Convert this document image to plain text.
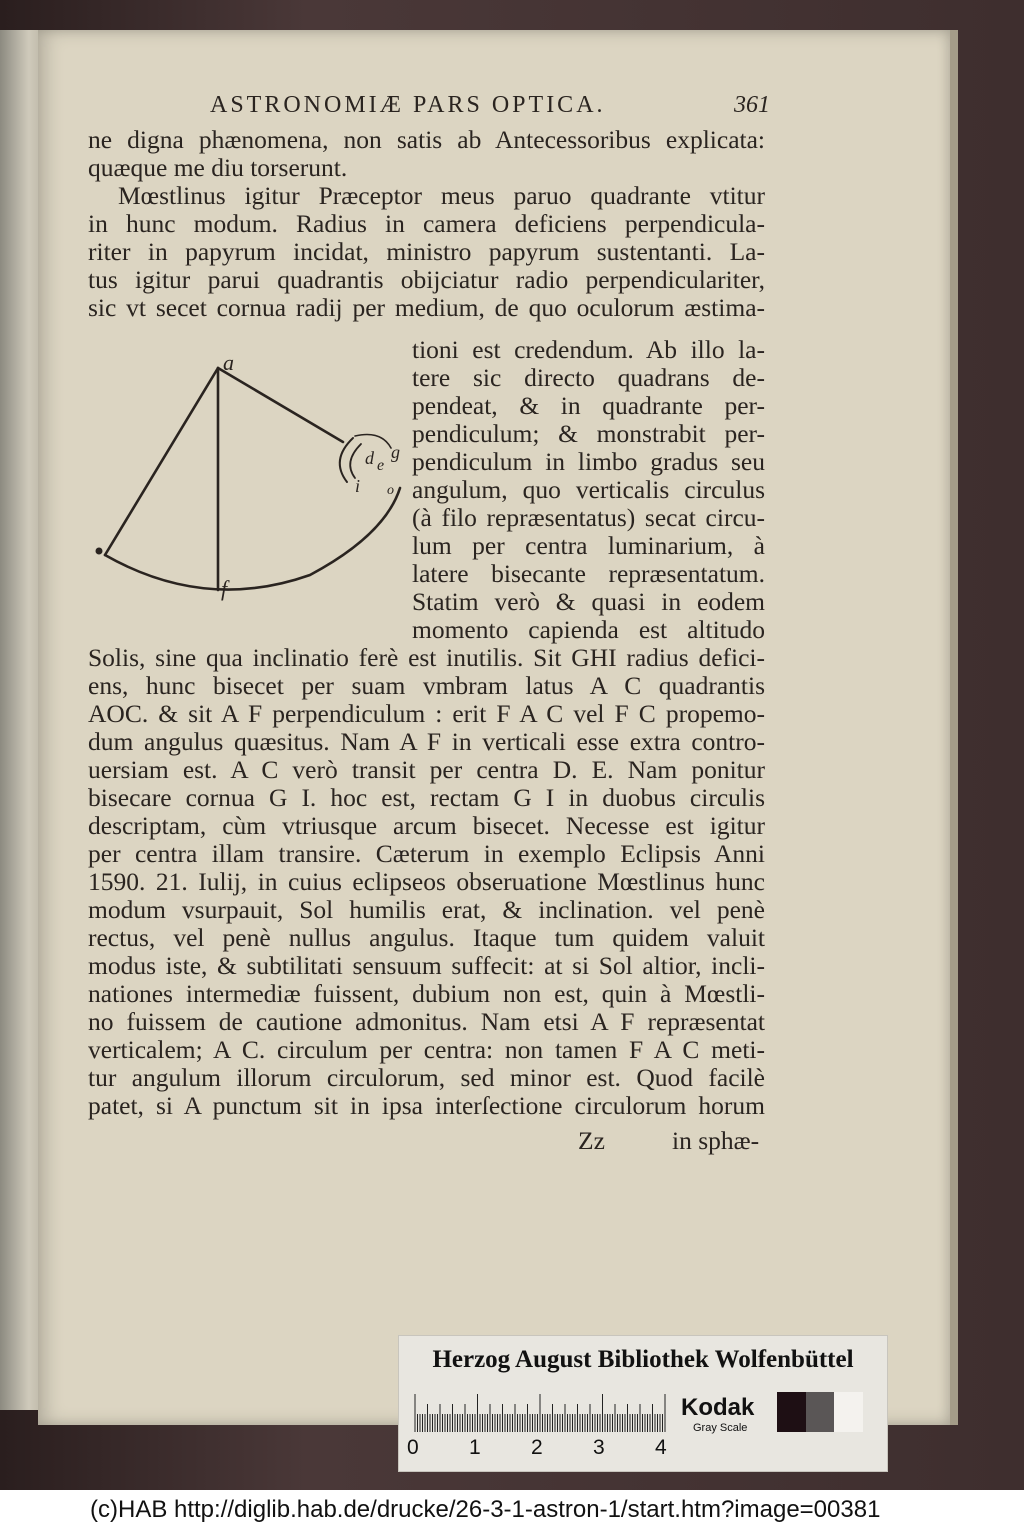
ASTRONOMIÆ PARS OPTICA.	361
ne digna phænomena, non satis ab Antecessoribus explicata:
quæque me diu torserunt.
Mœstlinus igitur Præceptor meus paruo quadrante vtitur
in hunc modum. Radius in camera deficiens perpendicula-
riter in papyrum incidat, ministro papyrum sustentanti. La-
tus igitur parui quadrantis obijciatur radio perpendiculariter,
sic vt secet cornua radij per medium, de quo oculorum æstima-
a
f
d e
g
i o
tioni est credendum. Ab illo la-
tere sic directo quadrans de-
pendeat, & in quadrante per-
pendiculum; & monstrabit per-
pendiculum in limbo gradus seu
angulum, quo verticalis circulus
(à filo repræsentatus) secat circu-
lum per centra luminarium, à
latere bisecante repræsentatum.
Statim verò & quasi in eodem
momento capienda est altitudo
Solis, sine qua inclinatio ferè est inutilis. Sit GHI radius defici-
ens, hunc bisecet per suam vmbram latus A C quadrantis
AOC. & sit A F perpendiculum : erit F A C vel F C propemo-
dum angulus quæsitus. Nam A F in verticali esse extra contro-
uersiam est. A C verò transit per centra D. E. Nam ponitur
bisecare cornua G I. hoc est, rectam G I in duobus circulis
descriptam, cùm vtriusque arcum bisecet. Necesse est igitur
per centra illam transire. Cæterum in exemplo Eclipsis Anni
1590. 21. Iulij, in cuius eclipseos obseruatione Mœstlinus hunc
modum vsurpauit, Sol humilis erat, & inclination. vel penè
rectus, vel penè nullus angulus. Itaque tum quidem valuit
modus iste, & subtilitati sensuum suffecit: at si Sol altior, incli-
nationes intermediæ fuissent, dubium non est, quin à Mœstli-
no fuissem de cautione admonitus. Nam etsi A F repræsentat
verticalem; A C. circulum per centra: non tamen F A C meti-
tur angulum illorum circulorum, sed minor est. Quod facilè
patet, si A punctum sit in ipsa interſectione circulorum horum
Zz	in sphæ-
Herzog August Bibliothek Wolfenbüttel
0 1 2 3 4
Kodak
Gray Scale
(c)HAB http://diglib.hab.de/drucke/26-3-1-astron-1/start.htm?image=00381
